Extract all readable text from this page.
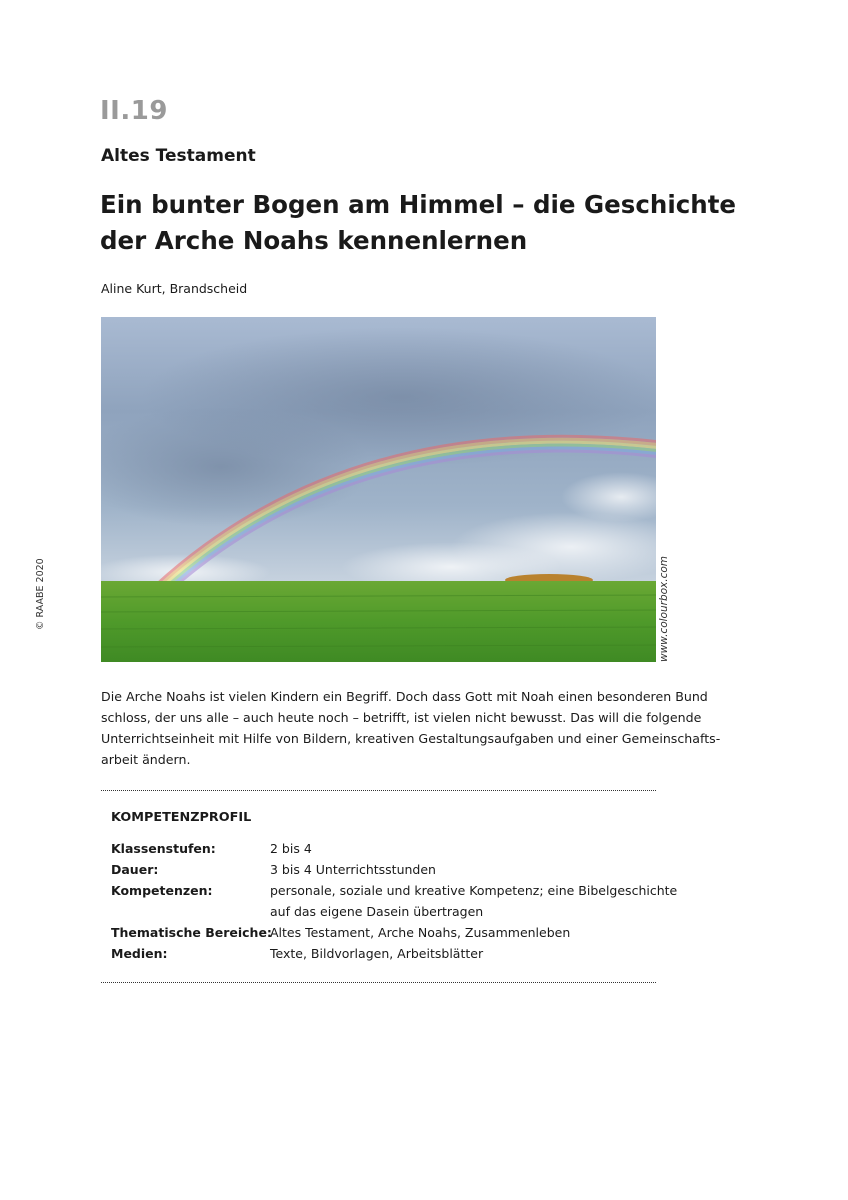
II.19
Altes Testament
Ein bunter Bogen am Himmel – die Geschichte
der Arche Noahs kennenlernen
Aline Kurt, Brandscheid
www.colourbox.com
© RAABE 2020
Die Arche Noahs ist vielen Kindern ein Begriff. Doch dass Gott mit Noah einen besonderen Bund
schloss, der uns alle – auch heute noch – betrifft, ist vielen nicht bewusst. Das will die folgende
Unterrichtseinheit mit Hilfe von Bildern, kreativen Gestaltungsaufgaben und einer Gemeinschafts-
arbeit ändern.
KOMPETENZPROFIL
Klassenstufen:	2 bis 4
Dauer:	3 bis 4 Unterrichtsstunden
Kompetenzen:	personale, soziale und kreative Kompetenz; eine Bibelgeschichte
auf das eigene Dasein übertragen
Thematische Bereiche:
Altes Testament, Arche Noahs, Zusammenleben
Medien:	Texte, Bildvorlagen, Arbeitsblätter
